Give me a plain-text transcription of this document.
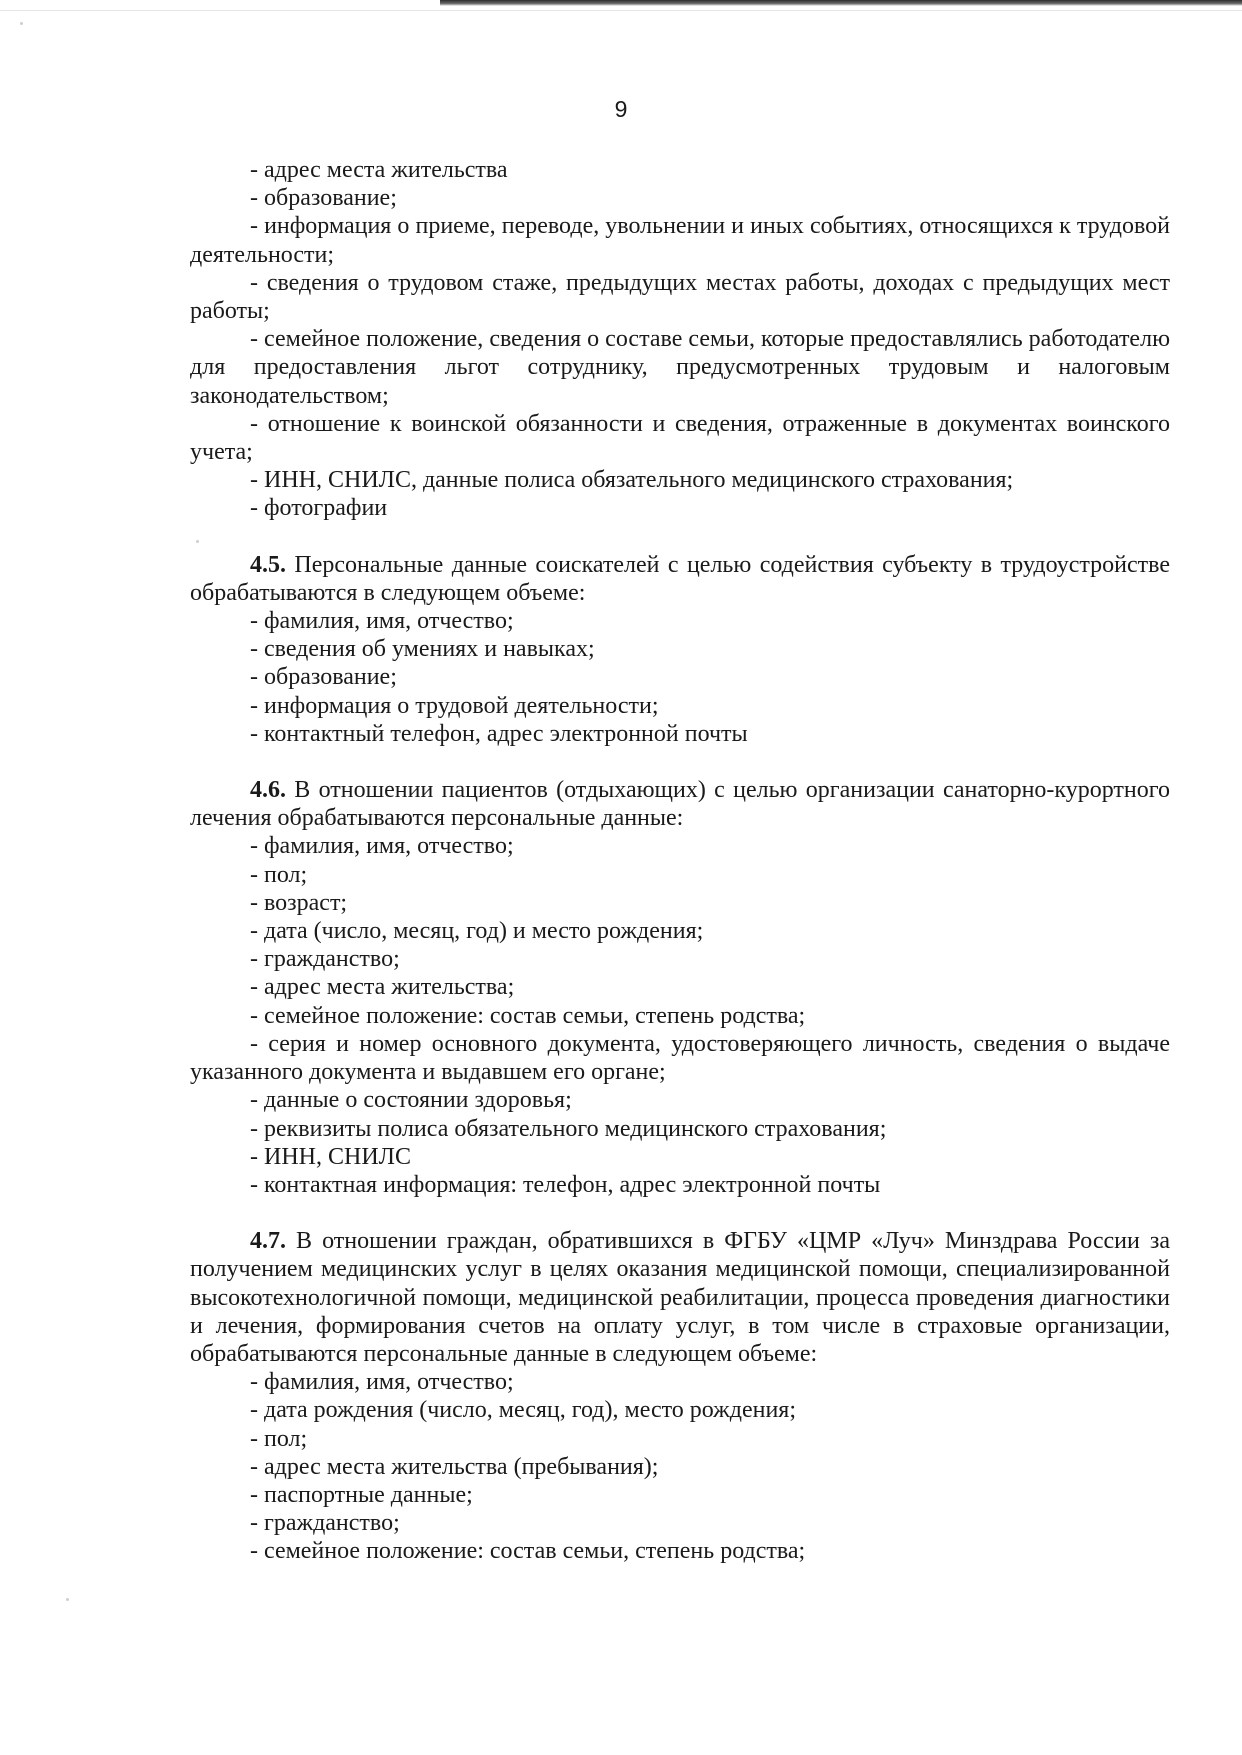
9
- адрес места жительства
- образование;
- информация о приеме, переводе, увольнении и иных событиях, относящихся к трудовой деятельности;
- сведения о трудовом стаже, предыдущих местах работы, доходах с предыдущих мест работы;
- семейное положение, сведения о составе семьи, которые предоставлялись работодателю для предоставления льгот сотруднику, предусмотренных трудовым и налоговым законодательством;
- отношение к воинской обязанности и сведения, отраженные в документах воинского учета;
- ИНН, СНИЛС, данные полиса обязательного медицинского страхования;
- фотографии
4.5. Персональные данные соискателей с целью содействия субъекту в трудоустройстве обрабатываются в следующем объеме:
- фамилия, имя, отчество;
- сведения об умениях и навыках;
- образование;
- информация о трудовой деятельности;
- контактный телефон, адрес электронной почты
4.6. В отношении пациентов (отдыхающих) с целью организации санаторно-курортного лечения обрабатываются персональные данные:
- фамилия, имя, отчество;
- пол;
- возраст;
- дата (число, месяц, год) и место рождения;
- гражданство;
- адрес места жительства;
- семейное положение: состав семьи, степень родства;
- серия и номер основного документа, удостоверяющего личность, сведения о выдаче указанного документа и выдавшем его органе;
- данные о состоянии здоровья;
- реквизиты полиса обязательного медицинского страхования;
- ИНН, СНИЛС
- контактная информация: телефон, адрес электронной почты
4.7. В отношении граждан, обратившихся в ФГБУ «ЦМР «Луч» Минздрава России за получением медицинских услуг в целях оказания медицинской помощи, специализированной высокотехнологичной помощи, медицинской реабилитации, процесса проведения диагностики и лечения, формирования счетов на оплату услуг, в том числе в страховые организации, обрабатываются персональные данные в следующем объеме:
- фамилия, имя, отчество;
- дата рождения (число, месяц, год), место рождения;
- пол;
- адрес места жительства (пребывания);
- паспортные данные;
- гражданство;
- семейное положение: состав семьи, степень родства;
